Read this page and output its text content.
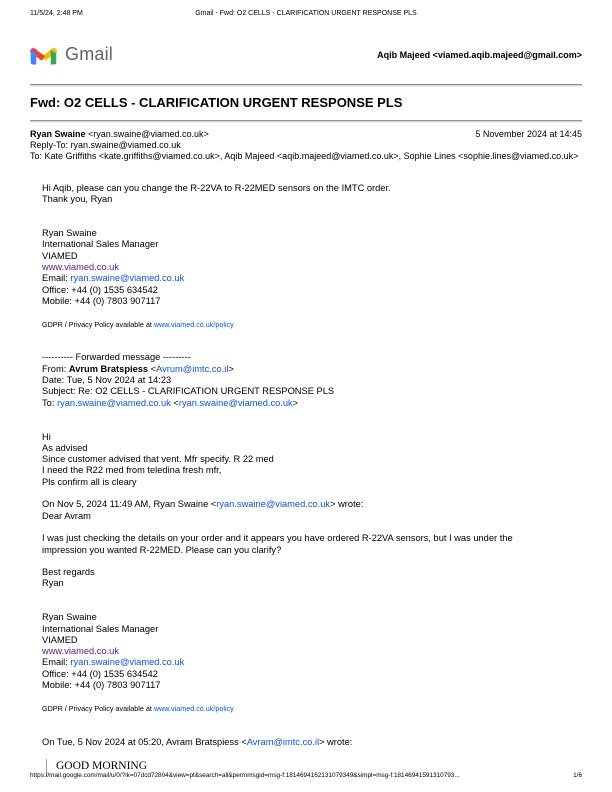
11/5/24, 2:48 PM	Gmail - Fwd: O2 CELLS - CLARIFICATION URGENT RESPONSE PLS
Gmail	Aqib Majeed <viamed.aqib.majeed@gmail.com>
Fwd: O2 CELLS - CLARIFICATION URGENT RESPONSE PLS
Ryan Swaine <ryan.swaine@viamed.co.uk>	5 November 2024 at 14:45
Reply-To: ryan.swaine@viamed.co.uk
To: Kate Griffiths <kate.griffiths@viamed.co.uk>, Aqib Majeed <aqib.majeed@viamed.co.uk>, Sophie Lines <sophie.lines@viamed.co.uk>
Hi Aqib, please can you change the R-22VA to R-22MED sensors on the IMTC order.
Thank you, Ryan
Ryan Swaine
International Sales Manager
VIAMED
www.viamed.co.uk
Email: ryan.swaine@viamed.co.uk
Office: +44 (0) 1535 634542
Mobile: +44 (0) 7803 907117
GDPR / Privacy Policy available at www.viamed.co.uk/policy
---------- Forwarded message ---------
From: Avrum Bratspiess <Avrum@imtc.co.il>
Date: Tue, 5 Nov 2024 at 14:23
Subject: Re: O2 CELLS - CLARIFICATION URGENT RESPONSE PLS
To: ryan.swaine@viamed.co.uk <ryan.swaine@viamed.co.uk>
Hi
As advised
Since customer advised that vent. Mfr specify. R 22 med
I need the R22 med from teledina fresh mfr,
Pls confirm all is cleary
On Nov 5, 2024 11:49 AM, Ryan Swaine <ryan.swaine@viamed.co.uk> wrote:
Dear Avram
I was just checking the details on your order and it appears you have ordered R-22VA sensors, but I was under the
impression you wanted R-22MED. Please can you clarify?
Best regards
Ryan
Ryan Swaine
International Sales Manager
VIAMED
www.viamed.co.uk
Email: ryan.swaine@viamed.co.uk
Office: +44 (0) 1535 634542
Mobile: +44 (0) 7803 907117
GDPR / Privacy Policy available at www.viamed.co.uk/policy
On Tue, 5 Nov 2024 at 05:20, Avram Bratspiess <Avram@imtc.co.il> wrote:
GOOD MORNING
https://mail.google.com/mail/u/0/?ik=07dcd72804&view=pt&search=all&permmsgid=msg-f:1814694162131079349&simpl=msg-f:18146941591310793...	1/6
